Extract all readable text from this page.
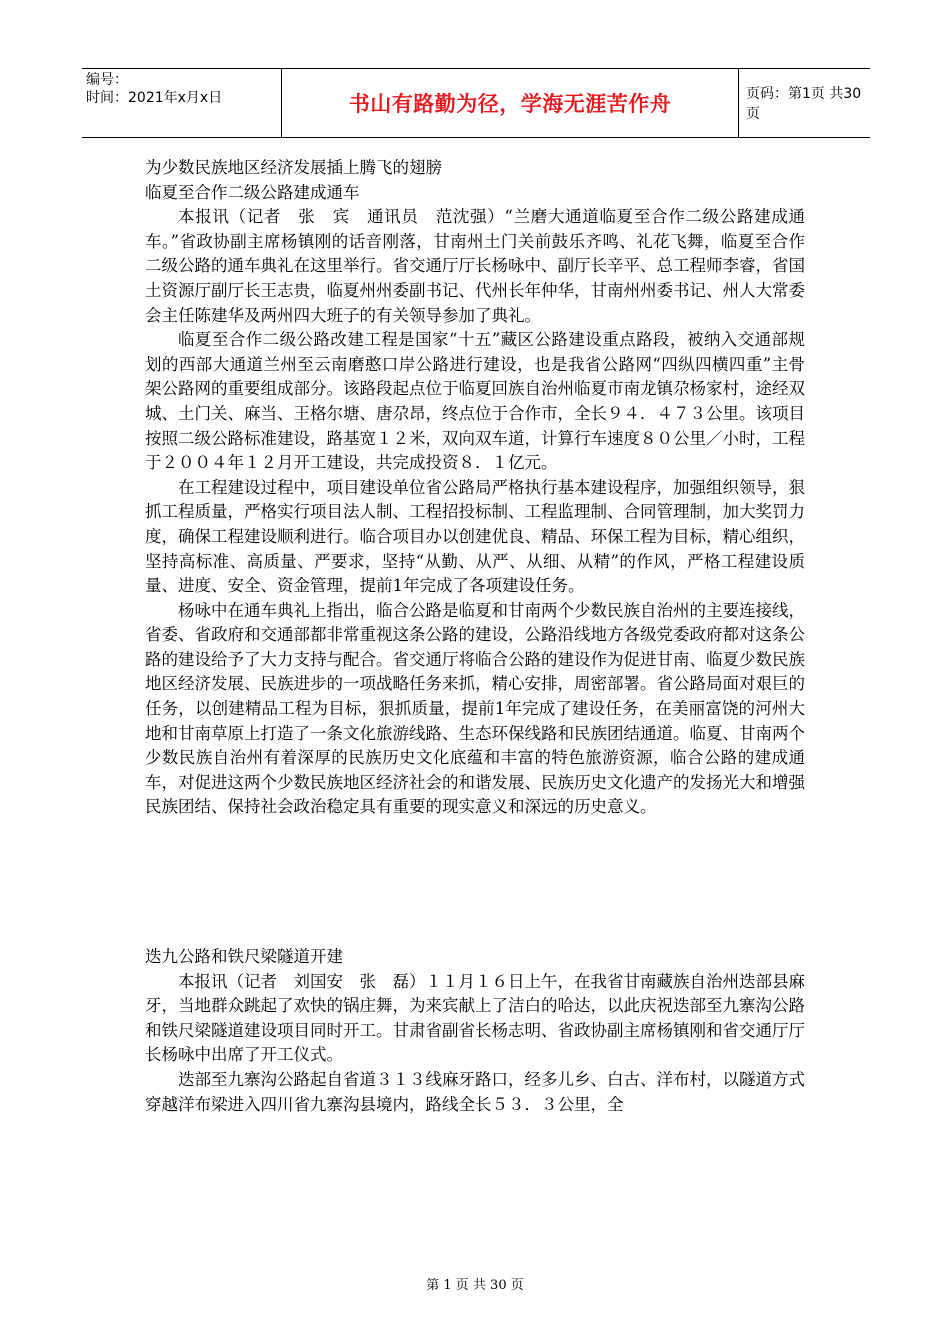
编号：
时间：2021年x月x日	书山有路勤为径，学海无涯苦作舟	页码：第1页 共30页

为少数民族地区经济发展插上腾飞的翅膀

临夏至合作二级公路建成通车

本报讯（记者　张　宾　通讯员　范沈强）“兰磨大通道临夏至合作二级公路建成通车。”省政协副主席杨镇刚的话音刚落，甘南州土门关前鼓乐齐鸣、礼花飞舞，临夏至合作二级公路的通车典礼在这里举行。省交通厅厅长杨咏中、副厅长辛平、总工程师李睿，省国土资源厅副厅长王志贵，临夏州州委副书记、代州长年仲华，甘南州州委书记、州人大常委会主任陈建华及两州四大班子的有关领导参加了典礼。

临夏至合作二级公路改建工程是国家“十五”藏区公路建设重点路段，被纳入交通部规划的西部大通道兰州至云南磨憨口岸公路进行建设，也是我省公路网“四纵四横四重”主骨架公路网的重要组成部分。该路段起点位于临夏回族自治州临夏市南龙镇尕杨家村，途经双城、土门关、麻当、王格尔塘、唐尕昂，终点位于合作市，全长９４．４７３公里。该项目按照二级公路标准建设，路基宽１２米，双向双车道，计算行车速度８０公里／小时，工程于２００４年１２月开工建设，共完成投资８．１亿元。

在工程建设过程中，项目建设单位省公路局严格执行基本建设程序，加强组织领导，狠抓工程质量，严格实行项目法人制、工程招投标制、工程监理制、合同管理制，加大奖罚力度，确保工程建设顺利进行。临合项目办以创建优良、精品、环保工程为目标，精心组织，坚持高标准、高质量、严要求，坚持“从勤、从严、从细、从精”的作风，严格工程建设质量、进度、安全、资金管理，提前1年完成了各项建设任务。

杨咏中在通车典礼上指出，临合公路是临夏和甘南两个少数民族自治州的主要连接线，省委、省政府和交通部都非常重视这条公路的建设，公路沿线地方各级党委政府都对这条公路的建设给予了大力支持与配合。省交通厅将临合公路的建设作为促进甘南、临夏少数民族地区经济发展、民族进步的一项战略任务来抓，精心安排，周密部署。省公路局面对艰巨的任务，以创建精品工程为目标，狠抓质量，提前1年完成了建设任务，在美丽富饶的河州大地和甘南草原上打造了一条文化旅游线路、生态环保线路和民族团结通道。临夏、甘南两个少数民族自治州有着深厚的民族历史文化底蕴和丰富的特色旅游资源，临合公路的建成通车，对促进这两个少数民族地区经济社会的和谐发展、民族历史文化遗产的发扬光大和增强民族团结、保持社会政治稳定具有重要的现实意义和深远的历史意义。

迭九公路和铁尺梁隧道开建

本报讯（记者　刘国安　张　磊）１１月１６日上午，在我省甘南藏族自治州迭部县麻牙，当地群众跳起了欢快的锅庄舞，为来宾献上了洁白的哈达，以此庆祝迭部至九寨沟公路和铁尺梁隧道建设项目同时开工。甘肃省副省长杨志明、省政协副主席杨镇刚和省交通厅厅长杨咏中出席了开工仪式。

迭部至九寨沟公路起自省道３１３线麻牙路口，经多儿乡、白古、洋布村，以隧道方式穿越洋布梁进入四川省九寨沟县境内，路线全长５３．３公里，全

第 1 页 共 30 页
